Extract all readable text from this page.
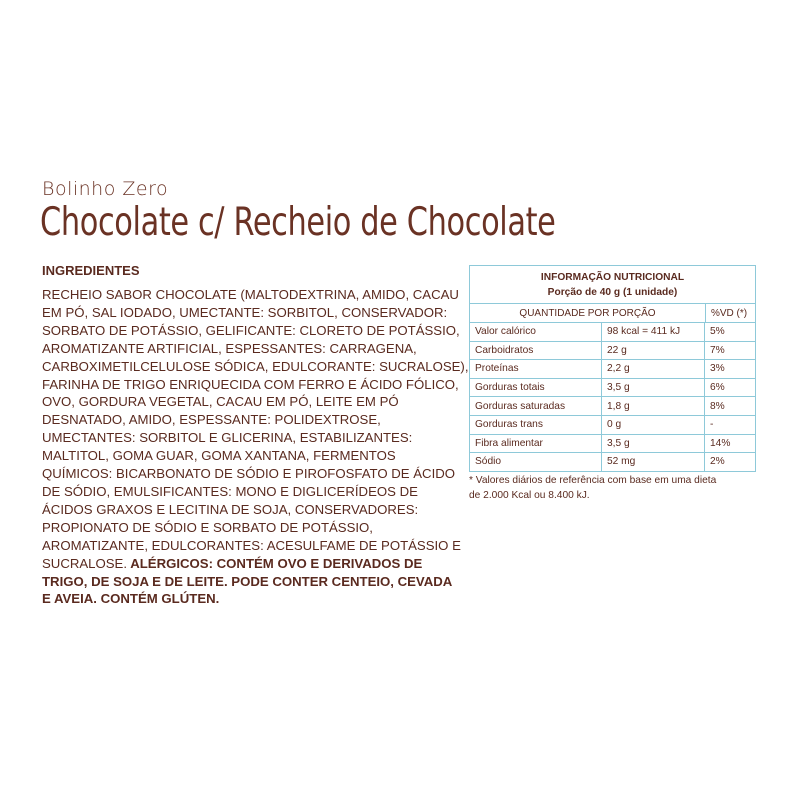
Bolinho Zero
Chocolate c/ Recheio de Chocolate
INGREDIENTES
RECHEIO SABOR CHOCOLATE (MALTODEXTRINA, AMIDO, CACAU
EM PÓ, SAL IODADO, UMECTANTE: SORBITOL, CONSERVADOR:
SORBATO DE POTÁSSIO, GELIFICANTE: CLORETO DE POTÁSSIO,
AROMATIZANTE ARTIFICIAL, ESPESSANTES: CARRAGENA,
CARBOXIMETILCELULOSE SÓDICA, EDULCORANTE: SUCRALOSE),
FARINHA DE TRIGO ENRIQUECIDA COM FERRO E ÁCIDO FÓLICO,
OVO, GORDURA VEGETAL, CACAU EM PÓ, LEITE EM PÓ
DESNATADO, AMIDO, ESPESSANTE: POLIDEXTROSE,
UMECTANTES: SORBITOL E GLICERINA, ESTABILIZANTES:
MALTITOL, GOMA GUAR, GOMA XANTANA, FERMENTOS
QUÍMICOS: BICARBONATO DE SÓDIO E PIROFOSFATO DE ÁCIDO
DE SÓDIO, EMULSIFICANTES: MONO E DIGLICERÍDEOS DE
ÁCIDOS GRAXOS E LECITINA DE SOJA, CONSERVADORES:
PROPIONATO DE SÓDIO E SORBATO DE POTÁSSIO,
AROMATIZANTE, EDULCORANTES: ACESULFAME DE POTÁSSIO E
SUCRALOSE. ALÉRGICOS: CONTÉM OVO E DERIVADOS DE
TRIGO, DE SOJA E DE LEITE. PODE CONTER CENTEIO, CEVADA
E AVEIA. CONTÉM GLÚTEN.
INFORMAÇÃO NUTRICIONAL
Porção de 40 g (1 unidade)
QUANTIDADE POR PORÇÃO	%VD (*)
Valor calórico	98 kcal = 411 kJ	5%
Carboidratos	22 g	7%
Proteínas	2,2 g	3%
Gorduras totais	3,5 g	6%
Gorduras saturadas	1,8 g	8%
Gorduras trans	0 g	-
Fibra alimentar	3,5 g	14%
Sódio	52 mg	2%
* Valores diários de referência com base em uma dieta
de 2.000 Kcal ou 8.400 kJ.
